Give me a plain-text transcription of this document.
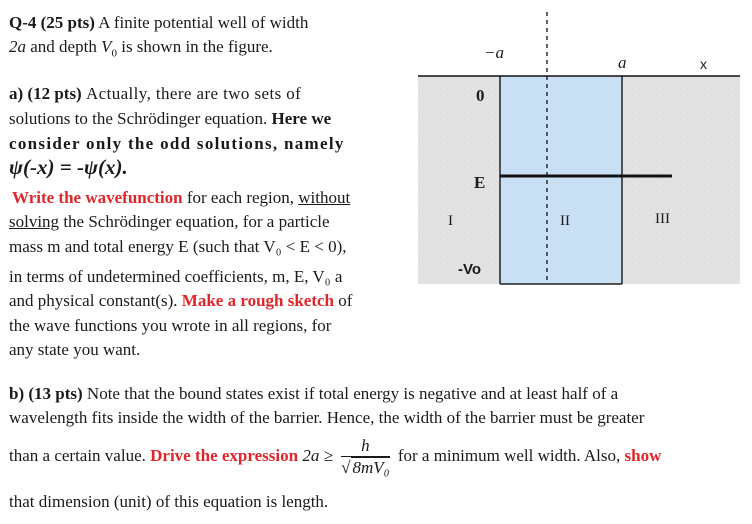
Q-4 (25 pts) A finite potential well of width
2a and depth $V_0$ is shown in the figure.
a) (12 pts) Actually, there are two sets of
solutions to the Schrödinger equation. Here we
consider only the odd solutions, namely
ψ(-x) = -ψ(x).
Write the wavefunction for each region, without
solving the Schrödinger equation, for a particle
mass m and total energy E (such that V₀ < E < 0),
in terms of undetermined coefficients, m, E, V₀ a
and physical constant(s). Make a rough sketch of
the wave functions you wrote in all regions, for
any state you want.
−a
a	x
0
E
-Vo
I	II	III
b) (13 pts) Note that the bound states exist if total energy is negative and at least half of a
wavelength fits inside the width of the barrier. Hence, the width of the barrier must be greater
than a certain value. Drive the expression $2a \ge \frac{h}{\text{√ 8mV₀}}$ for a minimum well width. Also, show
that dimension (unit) of this equation is length.
